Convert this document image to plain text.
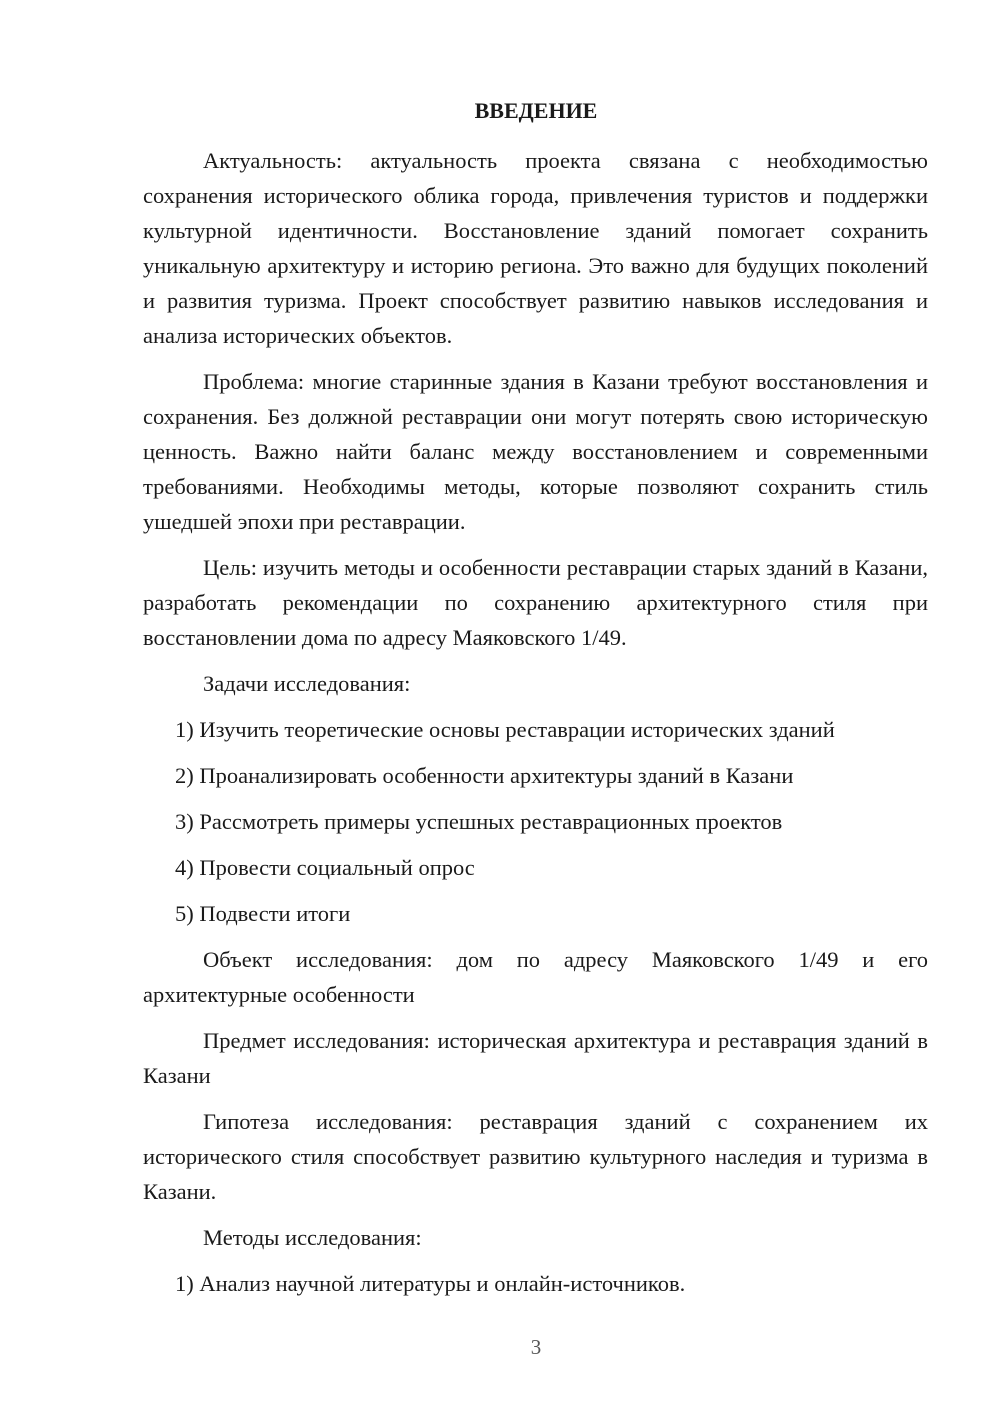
ВВЕДЕНИЕ

Актуальность: актуальность проекта связана с необходимостью сохранения исторического облика города, привлечения туристов и поддержки культурной идентичности. Восстановление зданий помогает сохранить уникальную архитектуру и историю региона. Это важно для будущих поколений и развития туризма. Проект способствует развитию навыков исследования и анализа исторических объектов.

Проблема: многие старинные здания в Казани требуют восстановления и сохранения. Без должной реставрации они могут потерять свою историческую ценность. Важно найти баланс между восстановлением и современными требованиями. Необходимы методы, которые позволяют сохранить стиль ушедшей эпохи при реставрации.

Цель: изучить методы и особенности реставрации старых зданий в Казани, разработать рекомендации по сохранению архитектурного стиля при восстановлении дома по адресу Маяковского 1/49.

Задачи исследования:

1) Изучить теоретические основы реставрации исторических зданий
2) Проанализировать особенности архитектуры зданий в Казани
3) Рассмотреть примеры успешных реставрационных проектов
4) Провести социальный опрос
5) Подвести итоги

Объект исследования: дом по адресу Маяковского 1/49 и его архитектурные особенности

Предмет исследования: историческая архитектура и реставрация зданий в Казани

Гипотеза исследования: реставрация зданий с сохранением их исторического стиля способствует развитию культурного наследия и туризма в Казани.

Методы исследования:

1) Анализ научной литературы и онлайн-источников.
3
